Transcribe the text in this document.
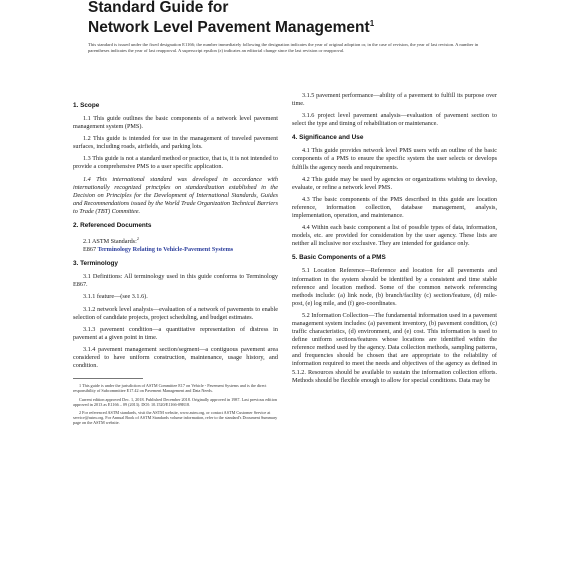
Standard Guide for
Network Level Pavement Management$^1$
This standard is issued under the fixed designation E1166; the number immediately following the designation indicates the year of original adoption or, in the case of revision, the year of last revision. A number in parentheses indicates the year of last reapproval. A superscript epsilon (ε) indicates an editorial change since the last revision or reapproval.
1. Scope

1.1 This guide outlines the basic components of a network level pavement management system (PMS).

1.2 This guide is intended for use in the management of traveled pavement surfaces, including roads, airfields, and parking lots.

1.3 This guide is not a standard method or practice, that is, it is not intended to provide a comprehensive PMS to a user specific application.

1.4 This international standard was developed in accordance with internationally recognized principles on standardization established in the Decision on Principles for the Development of International Standards, Guides and Recommendations issued by the World Trade Organization Technical Barriers to Trade (TBT) Committee.

2. Referenced Documents
2.1 ASTM Standards:$^2$
E867 Terminology Relating to Vehicle-Pavement Systems
3. Terminology

3.1 Definitions: All terminology used in this guide conforms to Terminology E867.

3.1.1 feature—(see 3.1.6).

3.1.2 network level analysis—evaluation of a network of pavements to enable selection of candidate projects, project scheduling, and budget estimates.

3.1.3 pavement condition—a quantitative representation of distress in pavement at a given point in time.

3.1.4 pavement management section/segment—a contiguous pavement area considered to have uniform construction, maintenance, usage history, and condition.

1 This guide is under the jurisdiction of ASTM Committee E17 on Vehicle - Pavement Systems and is the direct responsibility of Subcommittee E17.42 on Pavement Management and Data Needs.

Current edition approved Dec. 1, 2018. Published December 2018. Originally approved in 1987. Last previous edition approved in 2013 as E1166 – 09 (2013). DOI: 10.1520/E1166-09R18.

2 For referenced ASTM standards, visit the ASTM website, www.astm.org, or contact ASTM Customer Service at service@astm.org. For Annual Book of ASTM Standards volume information, refer to the standard's Document Summary page on the ASTM website.

3.1.5 pavement performance—ability of a pavement to fulfill its purpose over time.

3.1.6 project level pavement analysis—evaluation of pavement section to select the type and timing of rehabilitation or maintenance.

4. Significance and Use

4.1 This guide provides network level PMS users with an outline of the basic components of a PMS to ensure the specific system the user selects or develops fulfills the agency needs and requirements.

4.2 This guide may be used by agencies or organizations wishing to develop, evaluate, or refine a network level PMS.

4.3 The basic components of the PMS described in this guide are location reference, information collection, database management, analysis, implementation, operation, and maintenance.

4.4 Within each basic component a list of possible types of data, information, models, etc. are provided for consideration by the user agency. These lists are neither all inclusive nor exclusive. They are intended for guidance only.

5. Basic Components of a PMS

5.1 Location Reference—Reference and location for all pavements and information in the system should be identified by a consistent and time stable reference and location method. Some of the common network referencing methods include: (a) link node, (b) branch/facility (c) section/feature, (d) mile-post, (e) log mile, and (f) geo-coordinates.

5.2 Information Collection—The fundamental information used in a pavement management system includes: (a) pavement inventory, (b) pavement condition, (c) traffic characteristics, (d) environment, and (e) cost. This information is used to define uniform sections/features whose locations are identified within the reference method used by the agency. Data collection methods, sampling patterns, and frequencies should be chosen that are appropriate to the reliability of information required to meet the needs and objectives of the agency as defined in 5.1.2. Resources should be available to sustain the information collection efforts. Methods should be flexible enough to allow for special conditions. Data may be
